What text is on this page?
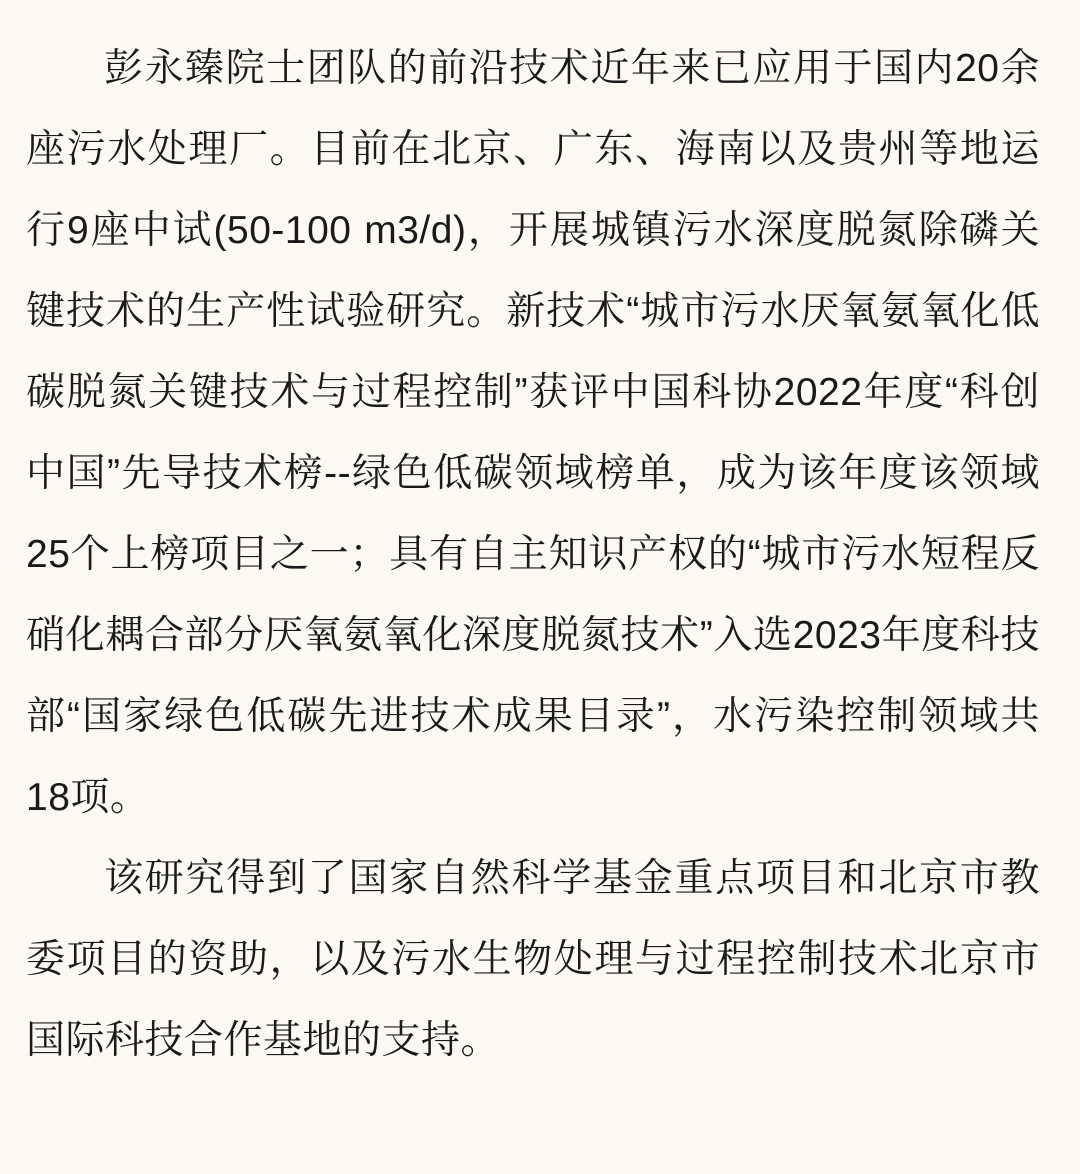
彭永臻院士团队的前沿技术近年来已应用于国内20余座污水处理厂。目前在北京、广东、海南以及贵州等地运行9座中试(50-100 m3/d)，开展城镇污水深度脱氮除磷关键技术的生产性试验研究。新技术“城市污水厌氧氨氧化低碳脱氮关键技术与过程控制”获评中国科协2022年度“科创中国”先导技术榜--绿色低碳领域榜单，成为该年度该领域25个上榜项目之一；具有自主知识产权的“城市污水短程反硝化耦合部分厌氧氨氧化深度脱氮技术”入选2023年度科技部“国家绿色低碳先进技术成果目录”，水污染控制领域共18项。

该研究得到了国家自然科学基金重点项目和北京市教委项目的资助，以及污水生物处理与过程控制技术北京市国际科技合作基地的支持。
